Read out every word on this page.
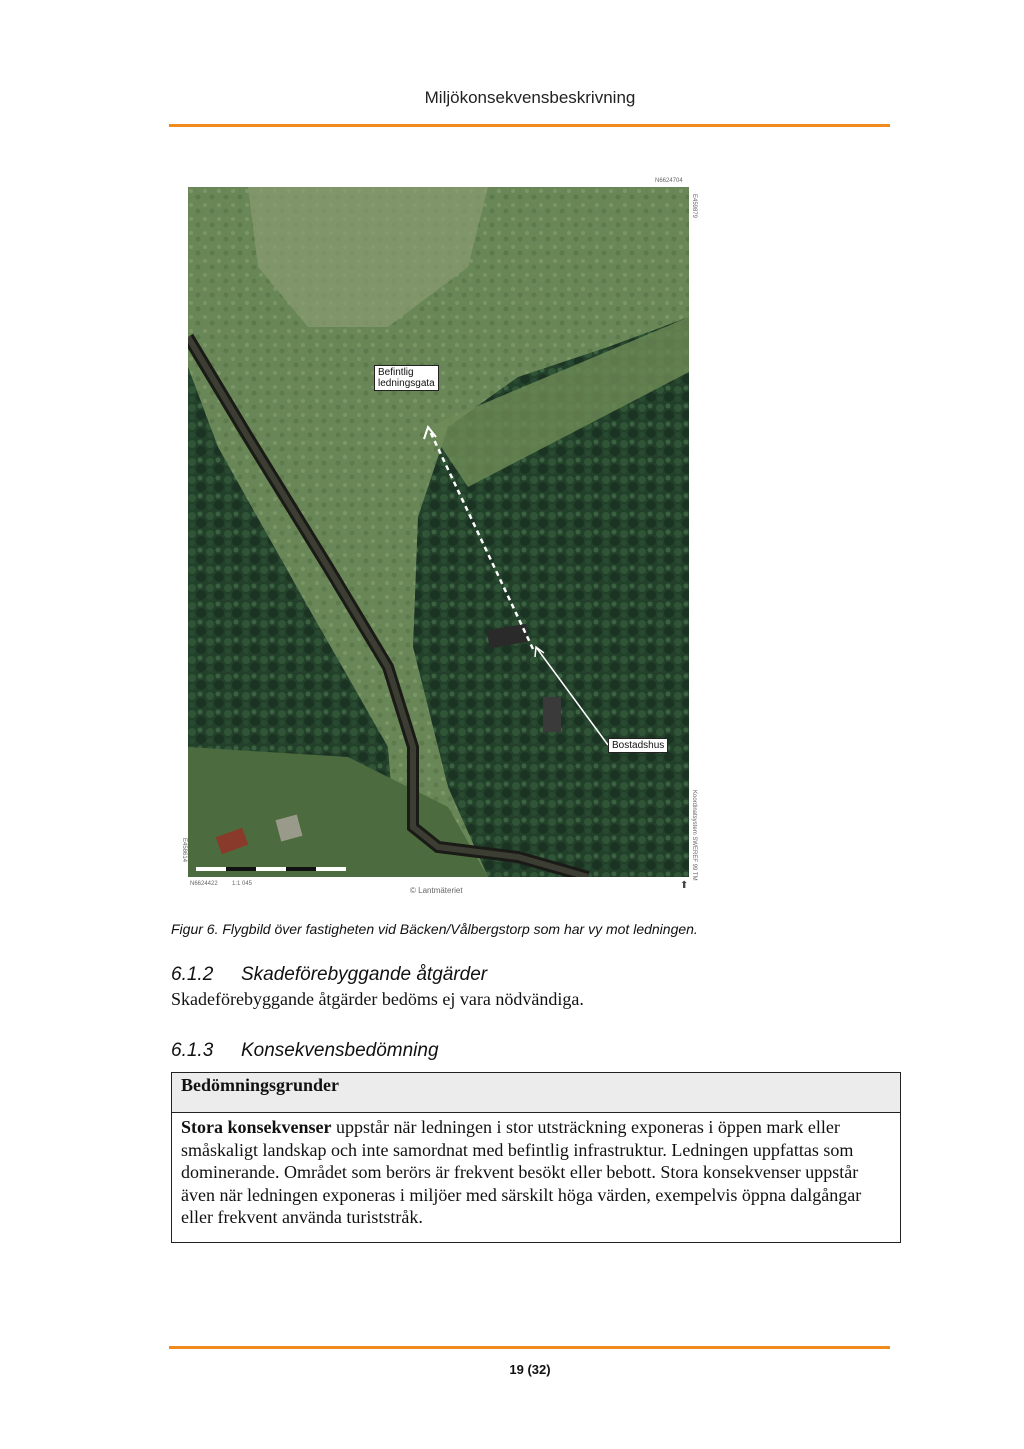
Miljökonsekvensbeskrivning
N6624704
E459879
E458614	Koordinatsystem SWEREF 99 TM
Befintlig
ledningsgata
Bostadshus
N6624422 1:1 045
© Lantmäteriet	⬆
Figur 6. Flygbild över fastigheten vid Bäcken/Vålbergstorp som har vy mot ledningen.
6.1.2 Skadeförebyggande åtgärder
Skadeförebyggande åtgärder bedöms ej vara nödvändiga.
6.1.3 Konsekvensbedömning
Bedömningsgrunder
Stora konsekvenser uppstår när ledningen i stor utsträckning exponeras i öppen mark eller småskaligt landskap och inte samordnat med befintlig infrastruktur. Ledningen uppfattas som dominerande. Området som berörs är frekvent besökt eller bebott. Stora konsekvenser uppstår även när ledningen exponeras i miljöer med särskilt höga värden, exempelvis öppna dalgångar eller frekvent använda turiststråk.
19 (32)
